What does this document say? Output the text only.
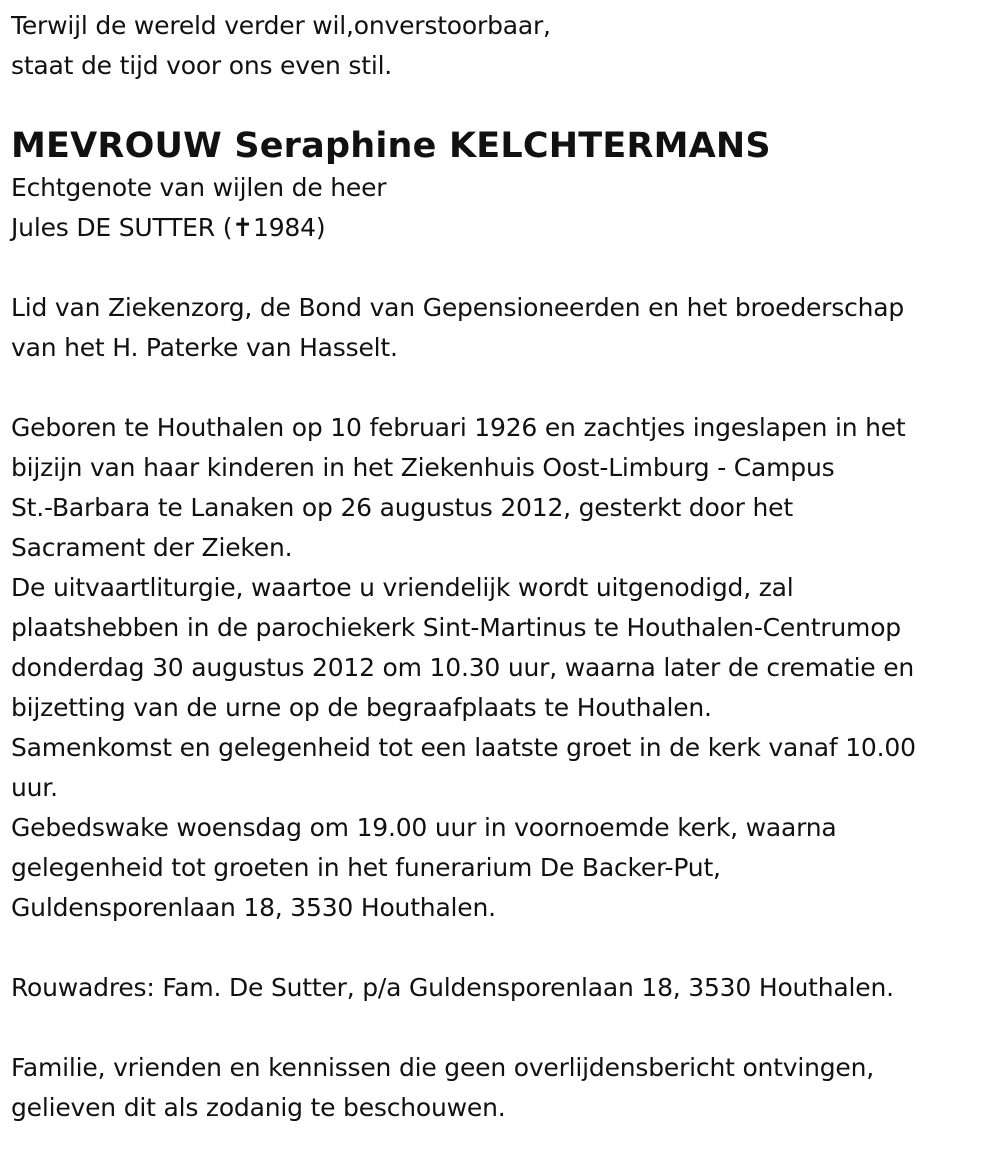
Terwijl de wereld verder wil,onverstoorbaar,
staat de tijd voor ons even stil.
MEVROUW Seraphine KELCHTERMANS
Echtgenote van wijlen de heer
Jules DE SUTTER (✝1984)
Lid van Ziekenzorg, de Bond van Gepensioneerden en het broederschap
van het H. Paterke van Hasselt.
Geboren te Houthalen op 10 februari 1926 en zachtjes ingeslapen in het
bijzijn van haar kinderen in het Ziekenhuis Oost-Limburg - Campus
St.-Barbara te Lanaken op 26 augustus 2012, gesterkt door het
Sacrament der Zieken.
De uitvaartliturgie, waartoe u vriendelijk wordt uitgenodigd, zal
plaatshebben in de parochiekerk Sint-Martinus te Houthalen-Centrumop
donderdag 30 augustus 2012 om 10.30 uur, waarna later de crematie en
bijzetting van de urne op de begraafplaats te Houthalen.
Samenkomst en gelegenheid tot een laatste groet in de kerk vanaf 10.00
uur.
Gebedswake woensdag om 19.00 uur in voornoemde kerk, waarna
gelegenheid tot groeten in het funerarium De Backer-Put,
Guldensporenlaan 18, 3530 Houthalen.
Rouwadres: Fam. De Sutter, p/a Guldensporenlaan 18, 3530 Houthalen.
Familie, vrienden en kennissen die geen overlijdensbericht ontvingen,
gelieven dit als zodanig te beschouwen.
